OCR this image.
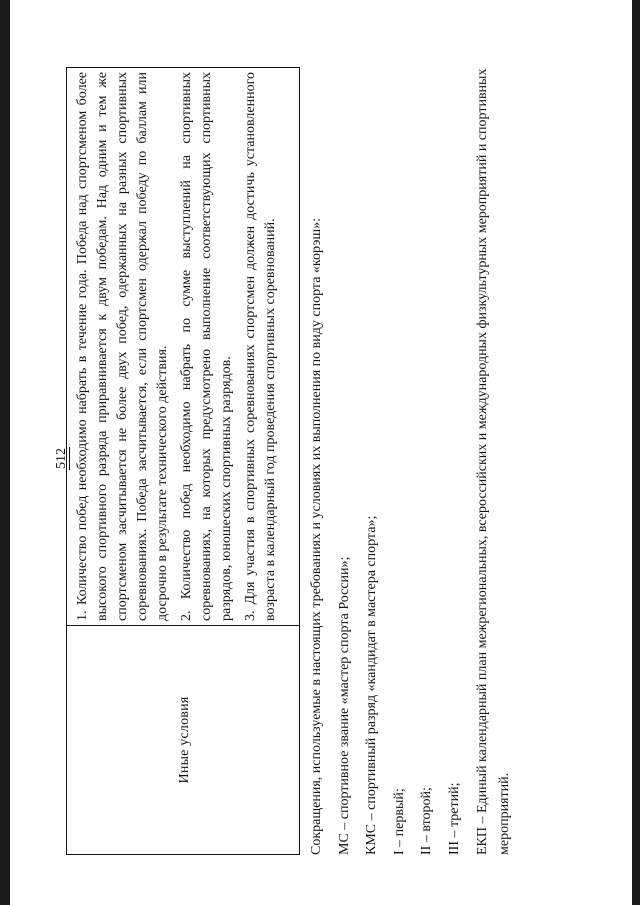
512
Иные условия

1. Количество побед необходимо набрать в течение года. Победа над спортсменом более высокого спортивного разряда приравнивается к двум победам. Над одним и тем же спортсменом засчитывается не более двух побед, одержанных на разных спортивных соревнованиях. Победа засчитывается, если спортсмен одержал победу по баллам или досрочно в результате технического действия. 2. Количество побед необходимо набрать по сумме выступлений на спортивных соревнованиях, на которых предусмотрено выполнение соответствующих спортивных разрядов, юношеских спортивных разрядов. 3. Для участия в спортивных соревнованиях спортсмен должен достичь установленного возраста в календарный год проведения спортивных соревнований.	Сокращения, используемые в настоящих требованиях и условиях их выполнения по виду спорта «корэш»: МС – спортивное звание «мастер спорта России»; КМС – спортивный разряд «кандидат в мастера спорта»; I – первый; II – второй; III – третий; ЕКП – Единый календарный план межрегиональных, всероссийских и международных физкультурных мероприятий и спортивных мероприятий.
